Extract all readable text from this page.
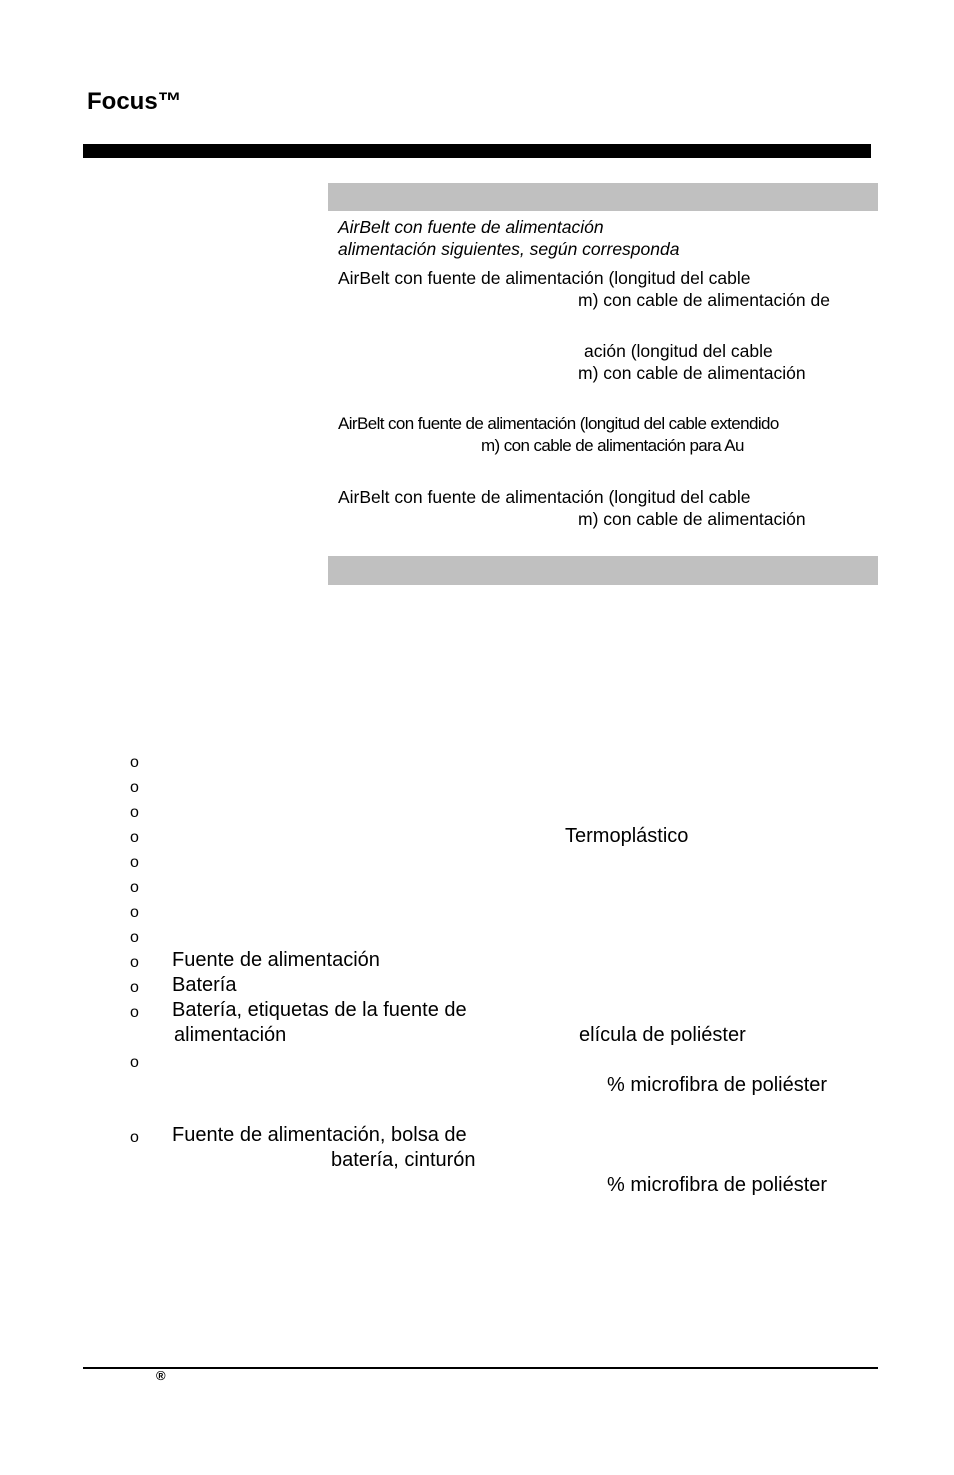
Focus™
AirBelt con fuente de alimentación
alimentación siguientes, según corresponda
AirBelt con fuente de alimentación (longitud del cable
m) con cable de alimentación de
ación (longitud del cable
m) con cable de alimentación
AirBelt con fuente de alimentación (longitud del cable extendido
m) con cable de alimentación para Au
AirBelt con fuente de alimentación (longitud del cable
m) con cable de alimentación
o
o
o
o
o
o
o
o
o
o
o
o
o
Termoplástico
Fuente de alimentación
Batería
Batería, etiquetas de la fuente de
alimentación	elícula de poliéster
% microfibra de poliéster
Fuente de alimentación, bolsa de
batería, cinturón
% microfibra de poliéster
®
